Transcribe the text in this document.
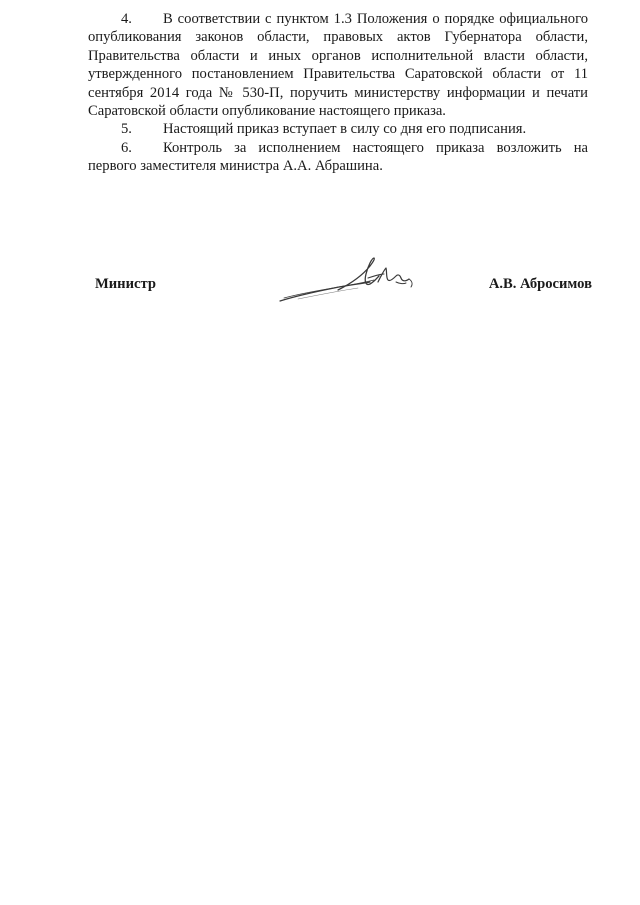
4. В соответствии с пунктом 1.3 Положения о порядке официального опубликования законов области, правовых актов Губернатора области, Правительства области и иных органов исполнительной власти области, утвержденного постановлением Правительства Саратовской области от 11 сентября 2014 года № 530-П, поручить министерству информации и печати Саратовской области опубликование настоящего приказа.

5. Настоящий приказ вступает в силу со дня его подписания.

6. Контроль за исполнением настоящего приказа возложить на первого заместителя министра А.А. Абрашина.

Министр	А.В. Абросимов
